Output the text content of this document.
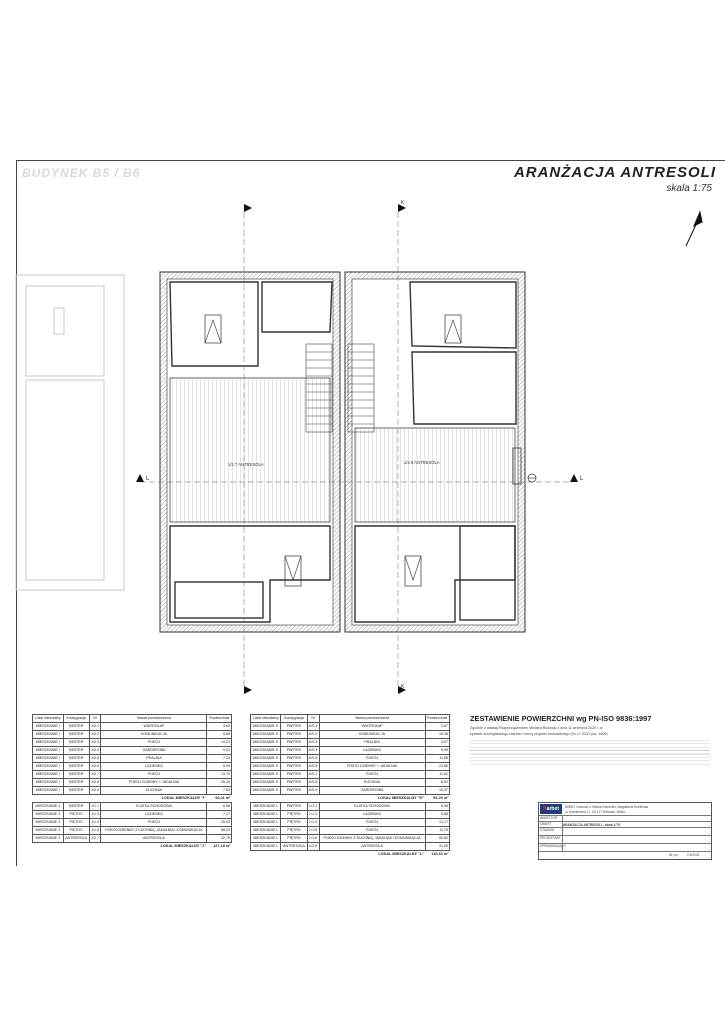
BUDYNEK B5 / B6	ARANŻACJA ANTRESOLI
skala 1:75
1/2.7 ANTRESOLA	1/2.8 ANTRESOLA
L	L
K
K
Lokal mieszkalny	Kondygnacja	Nr	Nazwa pomieszczenia	Powierzchnia
MIESZKANIE I	PARTER	1/0.1	WIATROŁAP	3,65
MIESZKANIE I	PARTER	1/0.2	KOMUNIKACJA	5,68
MIESZKANIE I	PARTER	1/0.3	POKÓJ	14,21
MIESZKANIE I	PARTER	1/0.4	GARDEROBA	9,01
MIESZKANIE I	PARTER	1/0.5	PRALNIA	7,24
MIESZKANIE I	PARTER	1/0.6	ŁAZIENKA	5,94
MIESZKANIE I	PARTER	1/0.7	POKÓJ	13,70
MIESZKANIE I	PARTER	1/0.8	POKÓJ DZIENNY + JADALNIA	26,16
MIESZKANIE I	PARTER	1/0.9	KUCHNIA	7,63
LOKAL MIESZKALNY "I"				93,21 m²
MIESZKANIE J	PARTER	J/1.1	KLATKA SCHODOWA	6,56
MIESZKANIE J	PIĘTRO	J/1.3	ŁAZIENKA	7,17
MIESZKANIE J	PIĘTRO	J/1.4	POKÓJ	15,03
MIESZKANIE J	PIĘTRO	J/1.5	POKÓJ DZIENNY Z KUCHNIĄ, JADALNIA I KOMUNIKACJA	68,23
MIESZKANIE J	ANTRESOLA	J/2.7	ANTRESOLA	42,79
LOKAL MIESZKALNY "J"				127,18 m²
Lokal mieszkalny	Kondygnacja	Nr	Nazwa pomieszczenia	Powierzchnia
MIESZKANIE K	PARTER	K/0.1	WIATROŁAP	2,87
MIESZKANIE K	PARTER	K/0.2	KOMUNIKACJA	16,36
MIESZKANIE K	PARTER	K/0.3	PRALNIA	4,07
MIESZKANIE K	PARTER	K/0.4	ŁAZIENKA	5,99
MIESZKANIE K	PARTER	K/0.5	POKÓJ	11,65
MIESZKANIE K	PARTER	K/0.6	POKÓJ DZIENNY + JADALNIA	24,80
MIESZKANIE K	PARTER	K/0.7	POKÓJ	11,61
MIESZKANIE K	PARTER	K/0.8	KUCHNIA	8,52
MIESZKANIE K	PARTER	K/0.9	GARDEROBA	10,37
LOKAL MIESZKALNY "K"				92,20 m²
MIESZKANIE L	PARTER	L/1.1	KLATKA SCHODOWA	6,96
MIESZKANIE L	PIĘTRO	L/1.3	ŁAZIENKA	5,86
MIESZKANIE L	PIĘTRO	L/1.4	POKÓJ	13,17
MIESZKANIE L	PIĘTRO	L/1.5	POKÓJ	11,76
MIESZKANIE L	PIĘTRO	L/1.6	POKÓJ DZIENNY Z KUCHNIĄ, JADALNIA I KOMUNIKACJA	50,82
MIESZKANIE L	ANTRESOLA	L/2.8	ANTRESOLA	31,06
LOKAL MIESZKALNY "L"				119,63 m²
ZESTAWIENIE POWIERZCHNI wg PN-ISO 9836:1997
Zgodnie z ustawą Rozporządzeniem Ministra Rozwoju z dnia 11 września 2020 r. w
sprawie szczegółowego zakresu i formy projektu budowlanego (Dz.U. 2020 poz. 1609)
Narbet	ARBET Kobrzok s. Michał Kobierski, Magdalena Kobierska
ul. Kamienicka 17, 40-717 Wrocław, Sielec
INWESTOR
OBIEKT	ARANŻACJA ANTRESOLI - skala 1:75
STADIUM
PROJEKTANT
SPRAWDZAJĄCY
Nr rys.	0.6/2023
